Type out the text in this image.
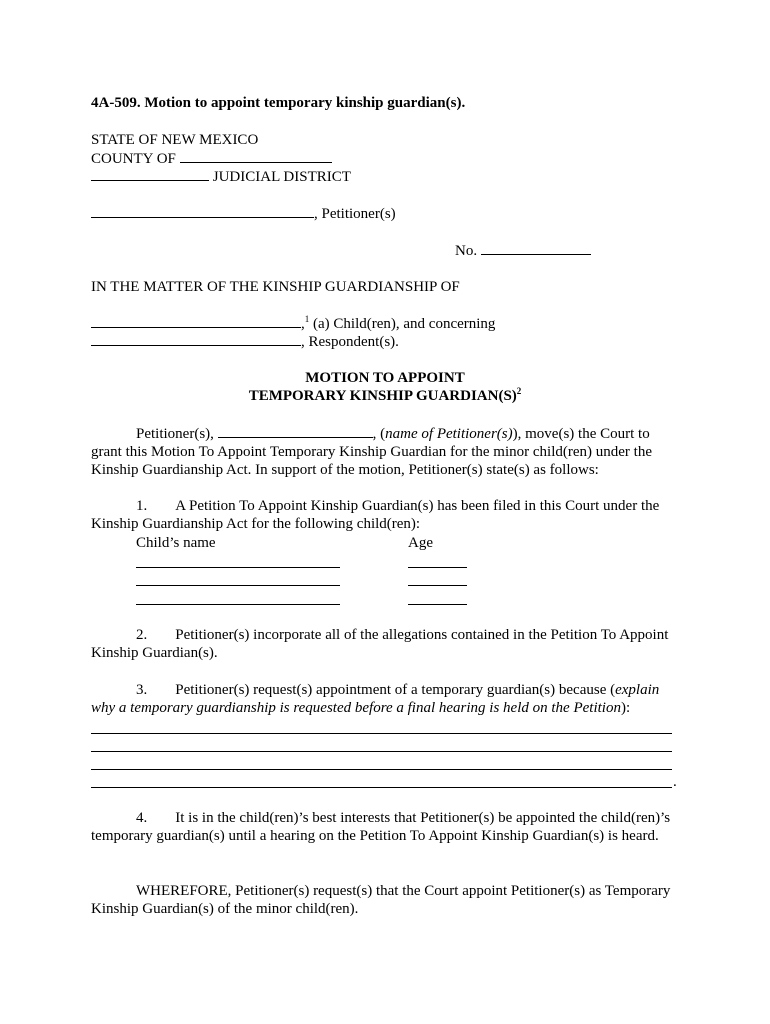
4A-509. Motion to appoint temporary kinship guardian(s).
STATE OF NEW MEXICO
COUNTY OF
JUDICIAL DISTRICT
, Petitioner(s)
No.
IN THE MATTER OF THE KINSHIP GUARDIANSHIP OF
,$^1$ (a) Child(ren), and concerning
, Respondent(s).
MOTION TO APPOINT
TEMPORARY KINSHIP $GUARDIAN(S)^2$
Petitioner(s),	, (name of Petitioner(s)), move(s) the Court to grant this Motion To Appoint Temporary Kinship Guardian for the minor child(ren) under the Kinship Guardianship Act. In support of the motion, Petitioner(s) state(s) as follows:
1. A Petition To Appoint Kinship Guardian(s) has been filed in this Court under the Kinship Guardianship Act for the following child(ren):
Child’s name	Age
2. Petitioner(s) incorporate all of the allegations contained in the Petition To Appoint Kinship Guardian(s).
3. Petitioner(s) request(s) appointment of a temporary guardian(s) because (explain why a temporary guardianship is requested before a final hearing is held on the Petition):
.
4. It is in the child(ren)’s best interests that Petitioner(s) be appointed the child(ren)’s temporary guardian(s) until a hearing on the Petition To Appoint Kinship Guardian(s) is heard.
WHEREFORE, Petitioner(s) request(s) that the Court appoint Petitioner(s) as Temporary Kinship Guardian(s) of the minor child(ren).
